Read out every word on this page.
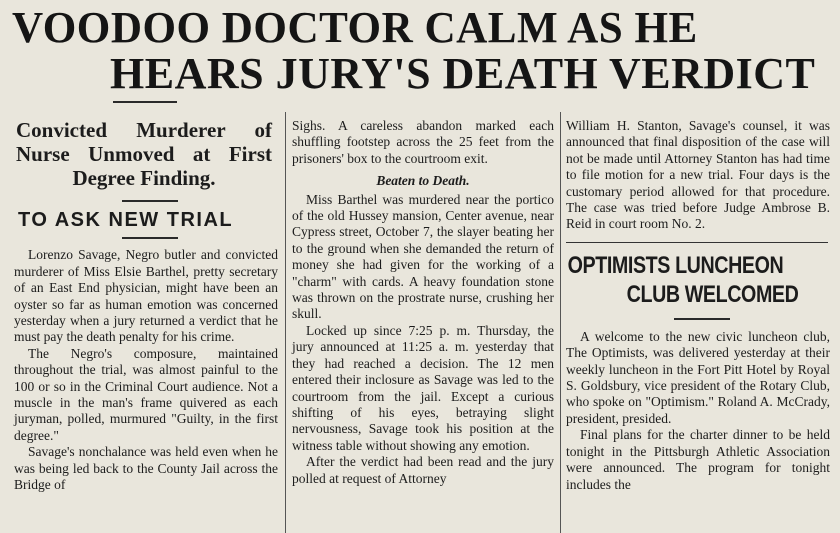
VOODOO DOCTOR CALM AS HE
HEARS JURY'S DEATH VERDICT
Convicted Murderer of Nurse Unmoved at First Degree Finding.
TO ASK NEW TRIAL

Lorenzo Savage, Negro butler and convicted murderer of Miss Elsie Barthel, pretty secretary of an East End physician, might have been an oyster so far as human emotion was concerned yesterday when a jury returned a verdict that he must pay the death penalty for his crime.

The Negro's composure, maintained throughout the trial, was almost painful to the 100 or so in the Criminal Court audience. Not a muscle in the man's frame quivered as each juryman, polled, murmured "Guilty, in the first degree."

Savage's nonchalance was held even when he was being led back to the County Jail across the Bridge of

Sighs. A careless abandon marked each shuffling footstep across the 25 feet from the prisoners' box to the courtroom exit.

Beaten to Death.

Miss Barthel was murdered near the portico of the old Hussey mansion, Center avenue, near Cypress street, October 7, the slayer beating her to the ground when she demanded the return of money she had given for the working of a "charm" with cards. A heavy foundation stone was thrown on the prostrate nurse, crushing her skull.

Locked up since 7:25 p. m. Thursday, the jury announced at 11:25 a. m. yesterday that they had reached a decision. The 12 men entered their inclosure as Savage was led to the courtroom from the jail. Except a curious shifting of his eyes, betraying slight nervousness, Savage took his position at the witness table without showing any emotion.

After the verdict had been read and the jury polled at request of Attorney

William H. Stanton, Savage's counsel, it was announced that final disposition of the case will not be made until Attorney Stanton has had time to file motion for a new trial. Four days is the customary period allowed for that procedure. The case was tried before Judge Ambrose B. Reid in court room No. 2.

OPTIMISTS LUNCHEON
CLUB WELCOMED

A welcome to the new civic luncheon club, The Optimists, was delivered yesterday at their weekly luncheon in the Fort Pitt Hotel by Royal S. Goldsbury, vice president of the Rotary Club, who spoke on "Optimism." Roland A. McCrady, president, presided.

Final plans for the charter dinner to be held tonight in the Pittsburgh Athletic Association were announced. The program for tonight includes the
